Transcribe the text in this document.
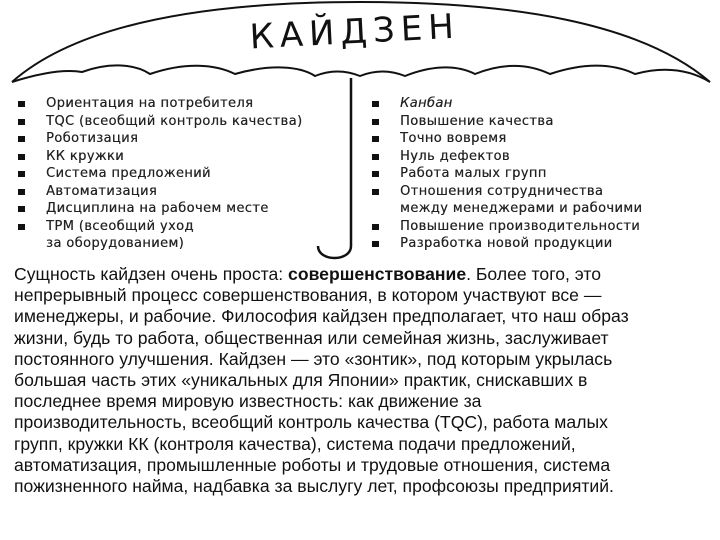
КАЙДЗЕН
Ориентация на потребителя
TQC (всеобщий контроль качества)
Роботизация
КК кружки
Система предложений
Автоматизация
Дисциплина на рабочем месте
TPM (всеобщий уход
за оборудованием)
Канбан
Повышение качества
Точно вовремя
Нуль дефектов
Работа малых групп
Отношения сотрудничества
между менеджерами и рабочими
Повышение производительности
Разработка новой продукции
Сущность кайдзен очень проста: совершенствование. Более того, это
непрерывный процесс совершенствования, в котором участвуют все —
именеджеры, и рабочие. Философия кайдзен предполагает, что наш образ
жизни, будь то работа, общественная или семейная жизнь, заслуживает
постоянного улучшения. Кайдзен — это «зонтик», под которым укрылась
большая часть этих «уникальных для Японии» практик, снискавших в
последнее время мировую известность: как движение за
производительность, всеобщий контроль качества (TQC), работа малых
групп, кружки КК (контроля качества), система подачи предложений,
автоматизация, промышленные роботы и трудовые отношения, система
пожизненного найма, надбавка за выслугу лет, профсоюзы предприятий.
